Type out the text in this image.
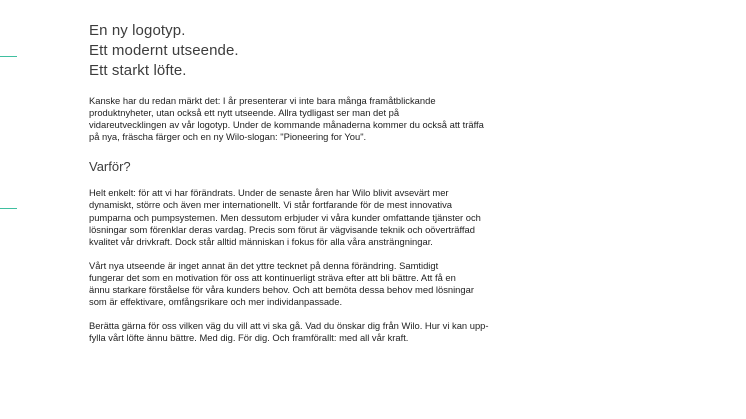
En ny logotyp.
Ett modernt utseende.
Ett starkt löfte.

Kanske har du redan märkt det: I år presenterar vi inte bara många framåtblickande
produktnyheter, utan också ett nytt utseende. Allra tydligast ser man det på
vidareutvecklingen av vår logotyp. Under de kommande månaderna kommer du också att träffa
på nya, fräscha färger och en ny Wilo-slogan: "Pioneering for You".

Varför?

Helt enkelt: för att vi har förändrats. Under de senaste åren har Wilo blivit avsevärt mer
dynamiskt, större och även mer internationellt. Vi står fortfarande för de mest innovativa
pumparna och pumpsystemen. Men dessutom erbjuder vi våra kunder omfattande tjänster och
lösningar som förenklar deras vardag. Precis som förut är vägvisande teknik och oöverträffad
kvalitet vår drivkraft. Dock står alltid människan i fokus för alla våra ansträngningar.

Vårt nya utseende är inget annat än det yttre tecknet på denna förändring. Samtidigt
fungerar det som en motivation för oss att kontinuerligt sträva efter att bli bättre. Att få en
ännu starkare förståelse för våra kunders behov. Och att bemöta dessa behov med lösningar
som är effektivare, omfångsrikare och mer individanpassade.

Berätta gärna för oss vilken väg du vill att vi ska gå. Vad du önskar dig från Wilo. Hur vi kan upp-
fylla vårt löfte ännu bättre. Med dig. För dig. Och framförallt: med all vår kraft.
